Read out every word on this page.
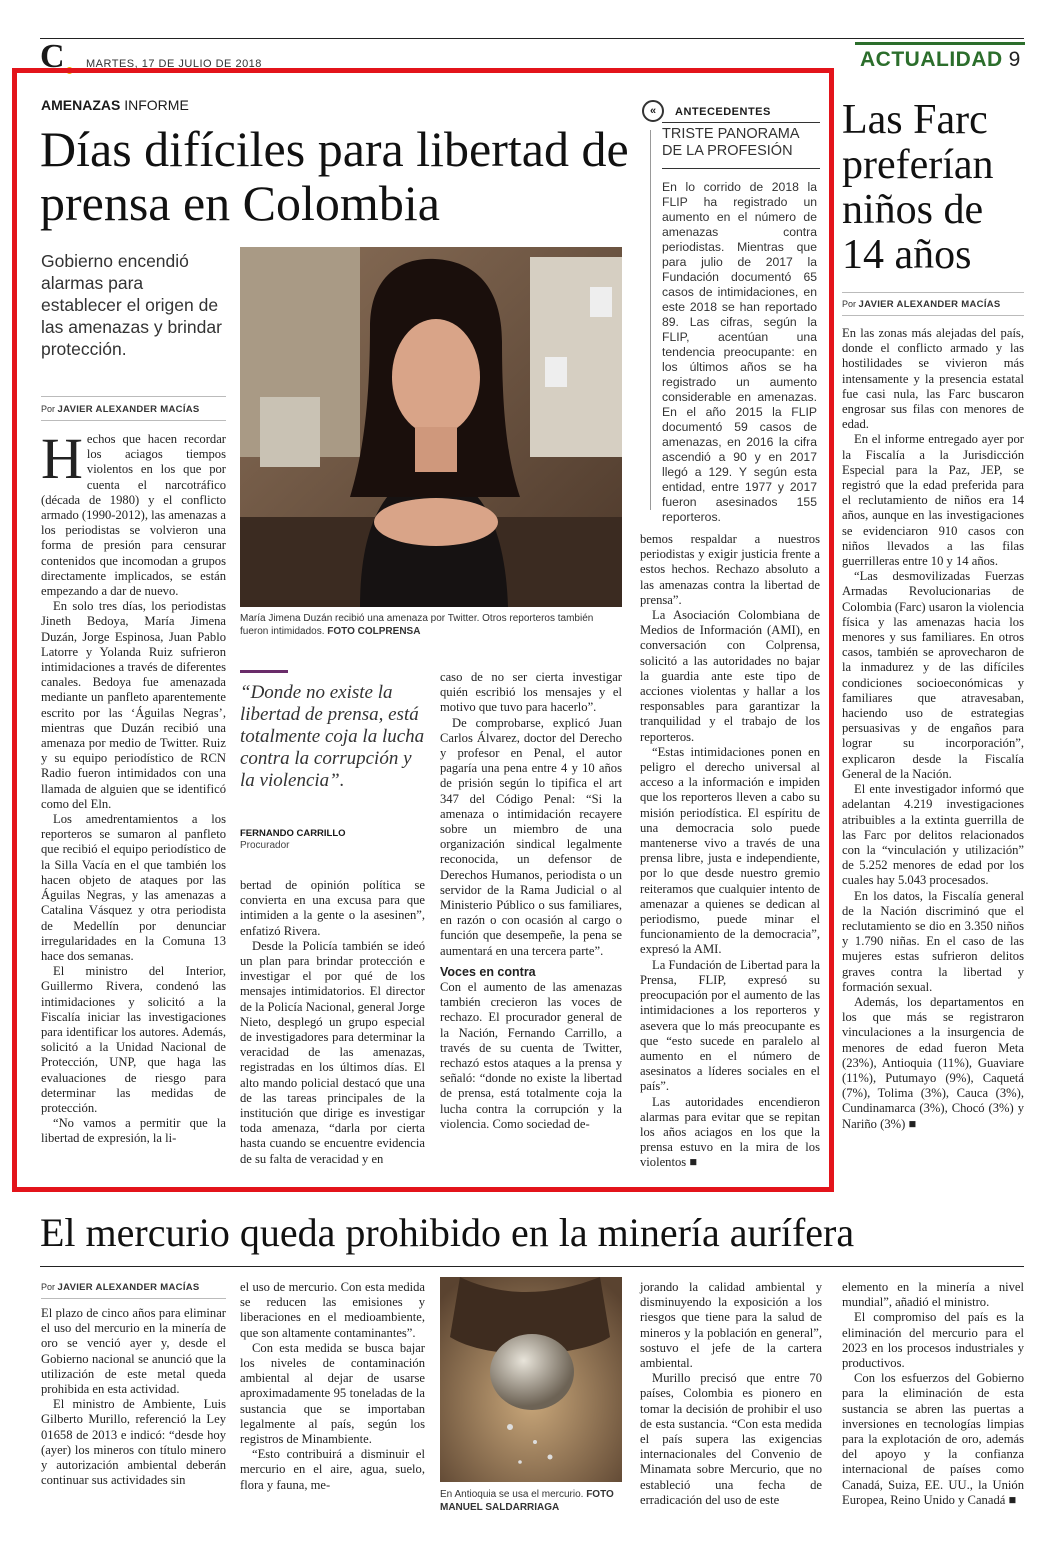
C	MARTES, 17 DE JULIO DE 2018	ACTUALIDAD 9
AMENAZAS INFORME
Días difíciles para libertad de prensa en Colombia
Gobierno encendió alarmas para establecer el origen de las amenazas y brindar protección.
Por JAVIER ALEXANDER MACÍAS

Hechos que hacen recordar los aciagos tiempos violentos en los que por cuenta el narcotráfico (década de 1980) y el conflicto armado (1990-2012), las amenazas a los periodistas se volvieron una forma de presión para censurar contenidos que incomodan a grupos directamente implicados, se están empezando a dar de nuevo.

En solo tres días, los periodistas Jineth Bedoya, María Jimena Duzán, Jorge Espinosa, Juan Pablo Latorre y Yolanda Ruiz sufrieron intimidaciones a través de diferentes canales. Bedoya fue amenazada mediante un panfleto aparentemente escrito por las ‘Águilas Negras’, mientras que Duzán recibió una amenaza por medio de Twitter. Ruiz y su equipo periodístico de RCN Radio fueron intimidados con una llamada de alguien que se identificó como del Eln.

Los amedrentamientos a los reporteros se sumaron al panfleto que recibió el equipo periodístico de la Silla Vacía en el que también los hacen objeto de ataques por las Águilas Negras, y las amenazas a Catalina Vásquez y otra periodista de Medellín por denunciar irregularidades en la Comuna 13 hace dos semanas.

El ministro del Interior, Guillermo Rivera, condenó las intimidaciones y solicitó a la Fiscalía iniciar las investigaciones para identificar los autores. Además, solicitó a la Unidad Nacional de Protección, UNP, que haga las evaluaciones de riesgo para determinar las medidas de protección.

“No vamos a permitir que la libertad de expresión, la li-

María Jimena Duzán recibió una amenaza por Twitter. Otros reporteros también fueron intimidados. FOTO COLPRENSA
“Donde no existe la libertad de prensa, está totalmente coja la lucha contra la corrupción y la violencia”.
FERNANDO CARRILLO
Procurador

bertad de opinión política se convierta en una excusa para que intimiden a la gente o la asesinen”, enfatizó Rivera.

Desde la Policía también se ideó un plan para brindar protección e investigar el por qué de los mensajes intimidatorios. El director de la Policía Nacional, general Jorge Nieto, desplegó un grupo especial de investigadores para determinar la veracidad de las amenazas, registradas en los últimos días. El alto mando policial destacó que una de las tareas principales de la institución que dirige es investigar toda amenaza, “darla por cierta hasta cuando se encuentre evidencia de su falta de veracidad y en

caso de no ser cierta investigar quién escribió los mensajes y el motivo que tuvo para hacerlo”.

De comprobarse, explicó Juan Carlos Álvarez, doctor del Derecho y profesor en Penal, el autor pagaría una pena entre 4 y 10 años de prisión según lo tipifica el art 347 del Código Penal: “Si la amenaza o intimidación recayere sobre un miembro de una organización sindical legalmente reconocida, un defensor de Derechos Humanos, periodista o un servidor de la Rama Judicial o al Ministerio Público o sus familiares, en razón o con ocasión al cargo o función que desempeñe, la pena se aumentará en una tercera parte”.

Voces en contra

Con el aumento de las amenazas también crecieron las voces de rechazo. El procurador general de la Nación, Fernando Carrillo, a través de su cuenta de Twitter, rechazó estos ataques a la prensa y señaló: “donde no existe la libertad de prensa, está totalmente coja la lucha contra la corrupción y la violencia. Como sociedad de-

bemos respaldar a nuestros periodistas y exigir justicia frente a estos hechos. Rechazo absoluto a las amenazas contra la libertad de prensa”.

La Asociación Colombiana de Medios de Información (AMI), en conversación con Colprensa, solicitó a las autoridades no bajar la guardia ante este tipo de acciones violentas y hallar a los responsables para garantizar la tranquilidad y el trabajo de los reporteros.

“Estas intimidaciones ponen en peligro el derecho universal al acceso a la información e impiden que los reporteros lleven a cabo su misión periodística. El espíritu de una democracia solo puede mantenerse vivo a través de una prensa libre, justa e independiente, por lo que desde nuestro gremio reiteramos que cualquier intento de amenazar a quienes se dedican al periodismo, puede minar el funcionamiento de la democracia”, expresó la AMI.

La Fundación de Libertad para la Prensa, FLIP, expresó su preocupación por el aumento de las intimidaciones a los reporteros y asevera que lo más preocupante es que “esto sucede en paralelo al aumento en el número de asesinatos a líderes sociales en el país”.

Las autoridades encendieron alarmas para evitar que se repitan los años aciagos en los que la prensa estuvo en la mira de los violentos ■

«	ANTECEDENTES
TRISTE PANORAMA DE LA PROFESIÓN
En lo corrido de 2018 la FLIP ha registrado un aumento en el número de amenazas contra periodistas. Mientras que para julio de 2017 la Fundación documentó 65 casos de intimidaciones, en este 2018 se han reportado 89. Las cifras, según la FLIP, acentúan una tendencia preocupante: en los últimos años se ha registrado un aumento considerable en amenazas. En el año 2015 la FLIP documentó 59 casos de amenazas, en 2016 la cifra ascendió a 90 y en 2017 llegó a 129. Y según esta entidad, entre 1977 y 2017 fueron asesinados 155 reporteros.
Las Farc preferían niños de 14 años
Por JAVIER ALEXANDER MACÍAS

En las zonas más alejadas del país, donde el conflicto armado y las hostilidades se vivieron más intensamente y la presencia estatal fue casi nula, las Farc buscaron engrosar sus filas con menores de edad.

En el informe entregado ayer por la Fiscalía a la Jurisdicción Especial para la Paz, JEP, se registró que la edad preferida para el reclutamiento de niños era 14 años, aunque en las investigaciones se evidenciaron 910 casos con niños llevados a las filas guerrilleras entre 10 y 14 años.

“Las desmovilizadas Fuerzas Armadas Revolucionarias de Colombia (Farc) usaron la violencia física y las amenazas hacia los menores y sus familiares. En otros casos, también se aprovecharon de la inmadurez y de las difíciles condiciones socioeconómicas y familiares que atravesaban, haciendo uso de estrategias persuasivas y de engaños para lograr su incorporación”, explicaron desde la Fiscalía General de la Nación.

El ente investigador informó que adelantan 4.219 investigaciones atribuibles a la extinta guerrilla de las Farc por delitos relacionados con la “vinculación y utilización” de 5.252 menores de edad por los cuales hay 5.043 procesados.

En los datos, la Fiscalía general de la Nación discriminó que el reclutamiento se dio en 3.350 niños y 1.790 niñas. En el caso de las mujeres estas sufrieron delitos graves contra la libertad y formación sexual.

Además, los departamentos en los que más se registraron vinculaciones a la insurgencia de menores de edad fueron Meta (23%), Antioquia (11%), Guaviare (11%), Putumayo (9%), Caquetá (7%), Tolima (3%), Cauca (3%), Cundinamarca (3%), Chocó (3%) y Nariño (3%) ■

El mercurio queda prohibido en la minería aurífera
Por JAVIER ALEXANDER MACÍAS

El plazo de cinco años para eliminar el uso del mercurio en la minería de oro se venció ayer y, desde el Gobierno nacional se anunció que la utilización de este metal queda prohibida en esta actividad.

El ministro de Ambiente, Luis Gilberto Murillo, referenció la Ley 01658 de 2013 e indicó: “desde hoy (ayer) los mineros con título minero y autorización ambiental deberán continuar sus actividades sin

el uso de mercurio. Con esta medida se reducen las emisiones y liberaciones en el medioambiente, que son altamente contaminantes”.

Con esta medida se busca bajar los niveles de contaminación ambiental al dejar de usarse aproximadamente 95 toneladas de la sustancia que se importaban legalmente al país, según los registros de Minambiente.

“Esto contribuirá a disminuir el mercurio en el aire, agua, suelo, flora y fauna, me-

En Antioquia se usa el mercurio. FOTO MANUEL SALDARRIAGA

jorando la calidad ambiental y disminuyendo la exposición a los riesgos que tiene para la salud de mineros y la población en general”, sostuvo el jefe de la cartera ambiental.

Murillo precisó que entre 70 países, Colombia es pionero en tomar la decisión de prohibir el uso de esta sustancia. “Con esta medida el país supera las exigencias internacionales del Convenio de Minamata sobre Mercurio, que no estableció una fecha de erradicación del uso de este

elemento en la minería a nivel mundial”, añadió el ministro.

El compromiso del país es la eliminación del mercurio para el 2023 en los procesos industriales y productivos.

Con los esfuerzos del Gobierno para la eliminación de esta sustancia se abren las puertas a inversiones en tecnologías limpias para la explotación de oro, además del apoyo y la confianza internacional de países como Canadá, Suiza, EE. UU., la Unión Europea, Reino Unido y Canadá ■
